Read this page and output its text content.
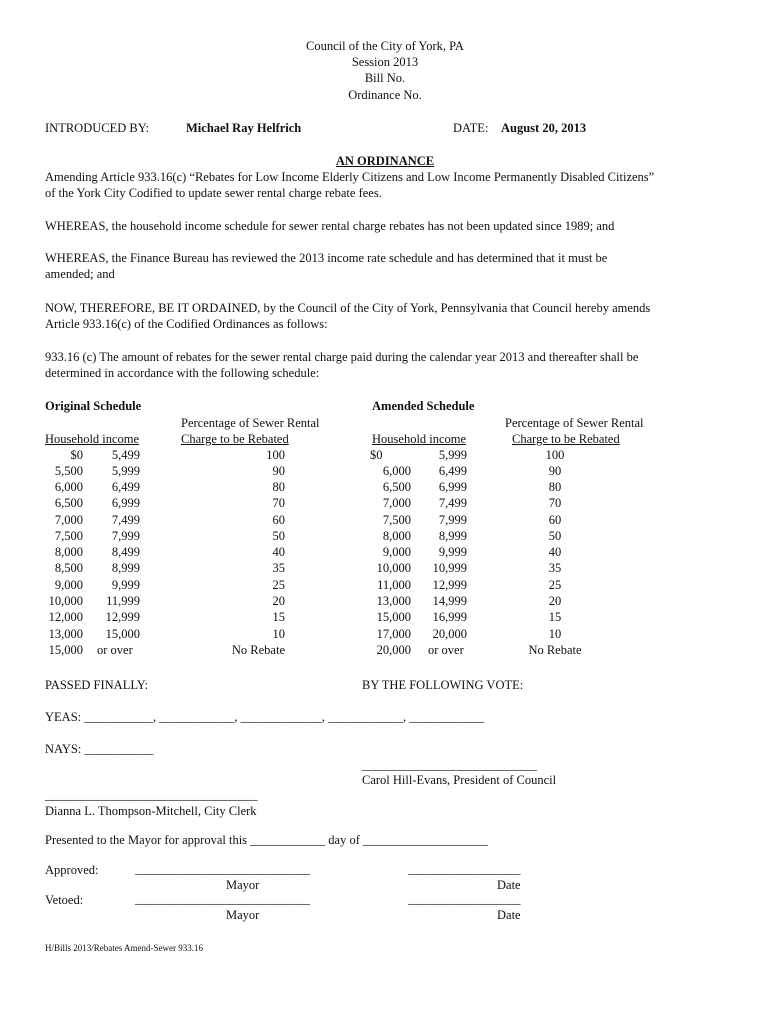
Council of the City of York, PA
Session 2013
Bill No.
Ordinance No.
INTRODUCED BY:	Michael Ray Helfrich	DATE: August 20, 2013
AN ORDINANCE
Amending Article 933.16(c) “Rebates for Low Income Elderly Citizens and Low Income Permanently Disabled Citizens”
of the York City Codified to update sewer rental charge rebate fees.
WHEREAS, the household income schedule for sewer rental charge rebates has not been updated since 1989; and
WHEREAS, the Finance Bureau has reviewed the 2013 income rate schedule and has determined that it must be
amended; and
NOW, THEREFORE, BE IT ORDAINED, by the Council of the City of York, Pennsylvania that Council hereby amends
Article 933.16(c) of the Codified Ordinances as follows:
933.16 (c) The amount of rebates for the sewer rental charge paid during the calendar year 2013 and thereafter shall be
determined in accordance with the following schedule:
Original Schedule
Percentage of Sewer Rental
Household income	Charge to be Rebated
Amended Schedule
Percentage of Sewer Rental
Household income	Charge to be Rebated
$0	5,499	100
5,500	5,999	90
6,000	6,499	80
6,500	6,999	70
7,000	7,499	60
7,500	7,999	50
8,000	8,499	40
8,500	8,999	35
9,000	9,999	25
10,000	11,999	20
12,000	12,999	15
13,000	15,000	10
15,000 or over	No Rebate
$0	5,999	100
6,000	6,499	90
6,500	6,999	80
7,000	7,499	70
7,500	7,999	60
8,000	8,999	50
9,000	9,999	40
10,000	10,999	35
11,000	12,999	25
13,000	14,999	20
15,000	16,999	15
17,000	20,000	10
20,000 or over	No Rebate
PASSED FINALLY:	BY THE FOLLOWING VOTE:
YEAS: ___________, ____________, _____________, ____________, ____________
NAYS: ___________
____________________________
Carol Hill-Evans, President of Council
__________________________________
Dianna L. Thompson-Mitchell, City Clerk
Presented to the Mayor for approval this ____________ day of ____________________
Approved:	____________________________	__________________
Mayor	Date
Vetoed:	____________________________	__________________
Mayor	Date
H/Bills 2013/Rebates Amend-Sewer 933.16
